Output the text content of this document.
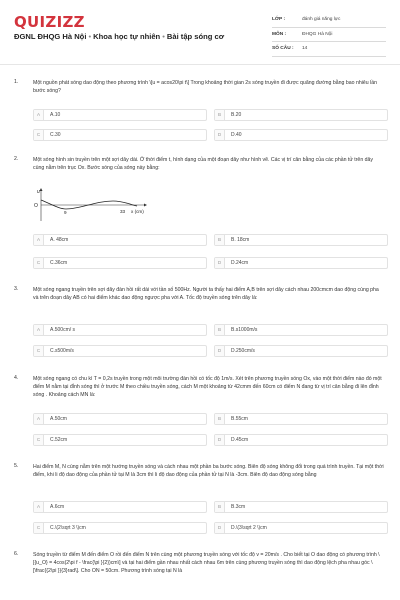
QUIZIZZ
ĐGNL ĐHQG Hà Nội • Khoa học tự nhiên • Bài tập sóng cơ
LỚP :	đánh giá năng lực
MÔN :	ĐHQG Hà Nội
SỐ CÂU :	14
1.	Một nguồn phát sóng dao động theo phương trình \[u = acos20\pi t\] Trong khoảng thời gian 2s sóng truyền đi được quãng đường bằng bao nhiêu lần bước sóng?
A	A.10	B	B.20
C	C.30	D	D.40
2.	Một sóng hình sin truyền trên một sợi dây dài. Ở thời điểm t, hình dạng của một đoạn dây như hình vẽ. Các vị trí cân bằng của các phần tử trên dây cùng nằm trên trục Ox. Bước sóng của sóng này bằng:
A	A. 48cm	B	B. 18cm
C	C.36cm	D	D.24cm
u
O
9	33 x (cm)
3.	Một sóng ngang truyền trên sợi dây đàn hồi rất dài với tần số 500Hz. Người ta thấy hai điểm A,B trên sợi dây cách nhau 200cmcm dao động cùng pha và trên đoạn dây AB có hai điểm khác dao động ngược pha với A. Tốc độ truyền sóng trên dây là:
A	A.500cm/ s	B	B.s1000m/s
C	C.s500m/s	D	D.250cm/s
4.	Một sóng ngang có chu kì T = 0,2s truyền trong một môi trường đàn hồi có tốc độ 1m/s. Xét trên phương truyền sóng Ox, vào một thời điểm nào đó một điểm M nằm tại đỉnh sóng thì ở trước M theo chiều truyền sóng, cách M một khoảng từ 42cmm đến 60cm có điểm N đang từ vị trí cân bằng đi lên đỉnh sóng . Khoảng cách MN là:
A	A.50cm	B	B.55cm
C	C.52cm	D	D.45cm
5.	Hai điểm M, N cùng nằm trên một hướng truyền sóng và cách nhau một phần ba bước sóng. Biên độ sóng không đổi trong quá trình truyền. Tại một thời điểm, khi li độ dao động của phần tử tại M là 3cm thì li độ dao động của phần tử tại N là -3cm. Biên độ dao động sóng bằng
A	A.6cm	B	B.3cm
C	C.\(2\sqrt 3 \)cm	D	D.\(3\sqrt 2 \)cm
6.	Sóng truyền từ điểm M đến điểm O rồi đến điểm N trên cùng một phương truyền sóng với tốc độ v = 20m/s . Cho biết tại O dao động có phương trình \[{u_O} = 4cos(2\pi f - \frac{\pi }{2})cm\] và tại hai điểm gần nhau nhất cách nhau 6m trên cùng phương truyền sóng thì dao động lệch pha nhau góc \[\frac{{2\pi }}{3}rad\]. Cho ON = 50cm. Phương trình sóng tại N là
